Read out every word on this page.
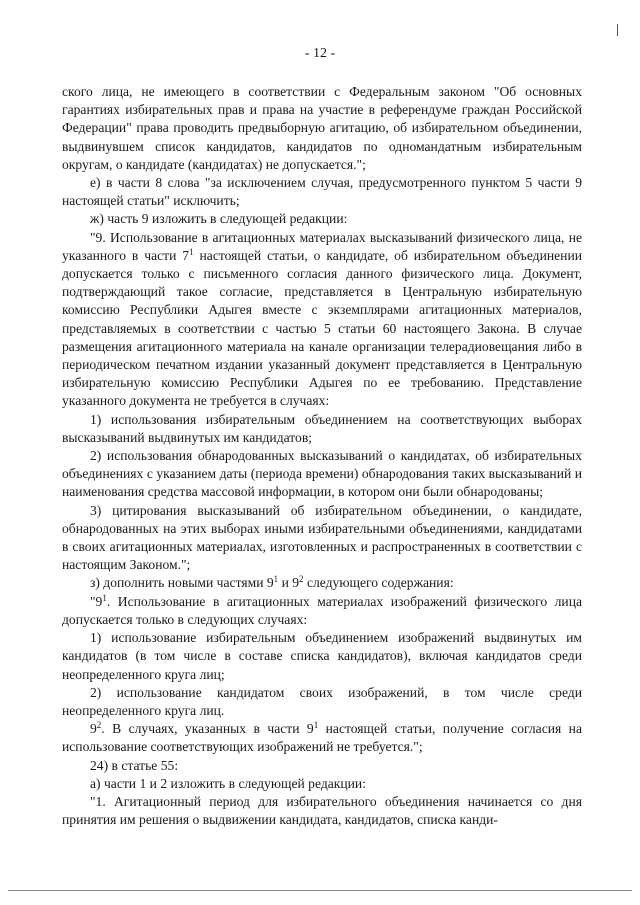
- 12 -

ского лица, не имеющего в соответствии с Федеральным законом "Об основных гарантиях избирательных прав и права на участие в референдуме граждан Российской Федерации" права проводить предвыборную агитацию, об избирательном объединении, выдвинувшем список кандидатов, кандидатов по одномандатным избирательным округам, о кандидате (кандидатах) не допускается.";

е) в части 8 слова "за исключением случая, предусмотренного пунктом 5 части 9 настоящей статьи" исключить;

ж) часть 9 изложить в следующей редакции:

"9. Использование в агитационных материалах высказываний физического лица, не указанного в части $7^1$ настоящей статьи, о кандидате, об избирательном объединении допускается только с письменного согласия данного физического лица. Документ, подтверждающий такое согласие, представляется в Центральную избирательную комиссию Республики Адыгея вместе с экземплярами агитационных материалов, представляемых в соответствии с частью 5 статьи 60 настоящего Закона. В случае размещения агитационного материала на канале организации телерадиовещания либо в периодическом печатном издании указанный документ представляется в Центральную избирательную комиссию Республики Адыгея по ее требованию. Представление указанного документа не требуется в случаях:

1) использования избирательным объединением на соответствующих выборах высказываний выдвинутых им кандидатов;

2) использования обнародованных высказываний о кандидатах, об избирательных объединениях с указанием даты (периода времени) обнародования таких высказываний и наименования средства массовой информации, в котором они были обнародованы;

3) цитирования высказываний об избирательном объединении, о кандидате, обнародованных на этих выборах иными избирательными объединениями, кандидатами в своих агитационных материалах, изготовленных и распространенных в соответствии с настоящим Законом.";

з) дополнить новыми частями $9^1$ и $9^2$ следующего содержания:

"$9^1$. Использование в агитационных материалах изображений физического лица допускается только в следующих случаях:

1) использование избирательным объединением изображений выдвинутых им кандидатов (в том числе в составе списка кандидатов), включая кандидатов среди неопределенного круга лиц;

2) использование кандидатом своих изображений, в том числе среди неопределенного круга лиц.

$9^2$. В случаях, указанных в части $9^1$ настоящей статьи, получение согласия на использование соответствующих изображений не требуется.";

24) в статье 55:

а) части 1 и 2 изложить в следующей редакции:

"1. Агитационный период для избирательного объединения начинается со дня принятия им решения о выдвижении кандидата, кандидатов, списка канди-
